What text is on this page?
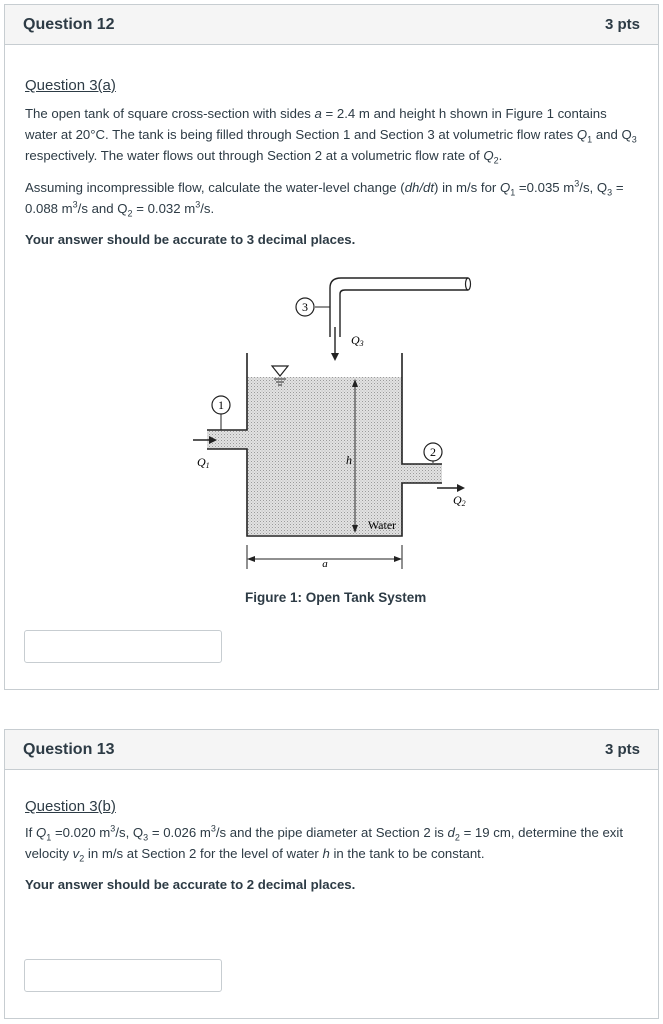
Question 12	3 pts

Question 3(a)

The open tank of square cross-section with sides a = 2.4 m and height h shown in Figure 1 contains water at 20°C. The tank is being filled through Section 1 and Section 3 at volumetric flow rates $Q_1$ and $Q_3$ respectively. The water flows out through Section 2 at a volumetric flow rate of $Q_2$.

Assuming incompressible flow, calculate the water-level change (dh/dt) in m/s for $Q_1 =0.035$ $m^3/s$, $Q_3 = 0.088$ $m^3/s$ and $Q_2 = 0.032$ $m^3/s$.

Your answer should be accurate to 3 decimal places.

3
Q3
h
Water
1
Q1
2
Q2
a
Figure 1: Open Tank System
Question 13	3 pts

Question 3(b)

If $Q_1 =0.020$ $m^3/s$, $Q_3 = 0.026$ $m^3/s$ and the pipe diameter at Section 2 is $d_2 = 19$ cm, determine the exit velocity $v_2$ in m/s at Section 2 for the level of water h in the tank to be constant.

Your answer should be accurate to 2 decimal places.
